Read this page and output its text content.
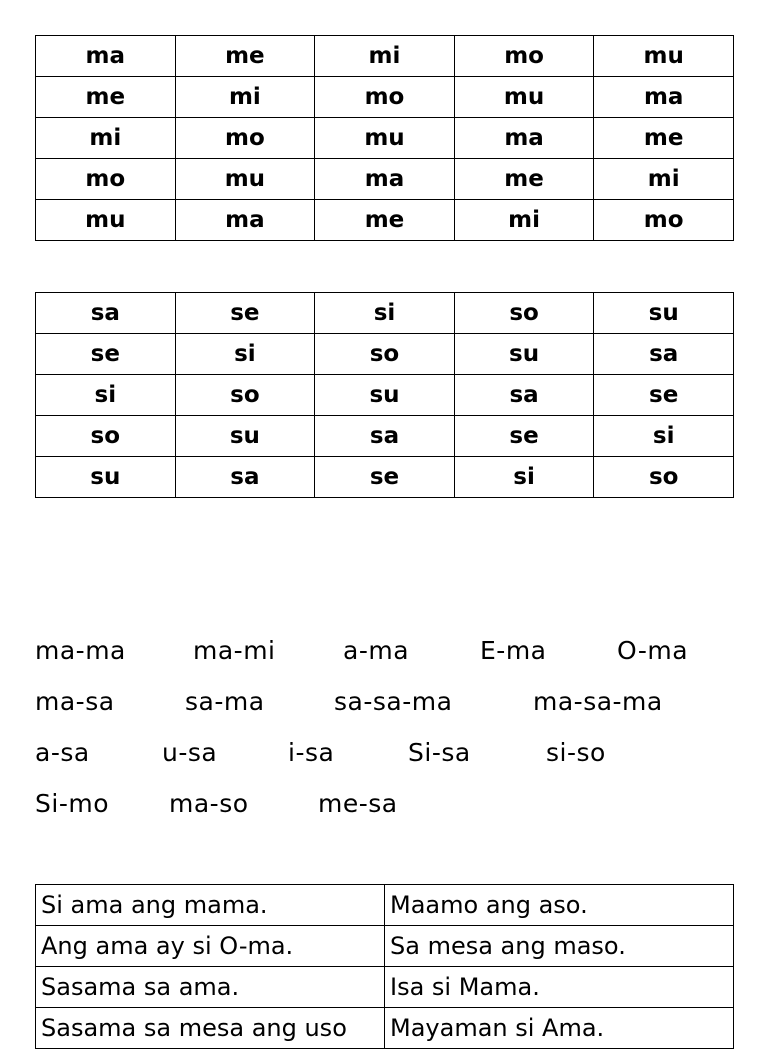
ma	me	mi	mo	mu
me	mi	mo	mu	ma
mi	mo	mu	ma	me
mo	mu	ma	me	mi
mu	ma	me	mi	mo
sa	se	si	so	su
se	si	so	su	sa
si	so	su	sa	se
so	su	sa	se	si
su	sa	se	si	so
ma-ma	ma-mi	a-ma	E-ma	O-ma
ma-sa	sa-ma	sa-sa-ma	ma-sa-ma
a-sa	u-sa	i-sa	Si-sa	si-so
Si-mo ma-so	me-sa
Si ama ang mama.	Maamo ang aso.
Ang ama ay si O-ma.	Sa mesa ang maso.
Sasama sa ama.	Isa si Mama.
Sasama sa mesa ang uso	Mayaman si Ama.
